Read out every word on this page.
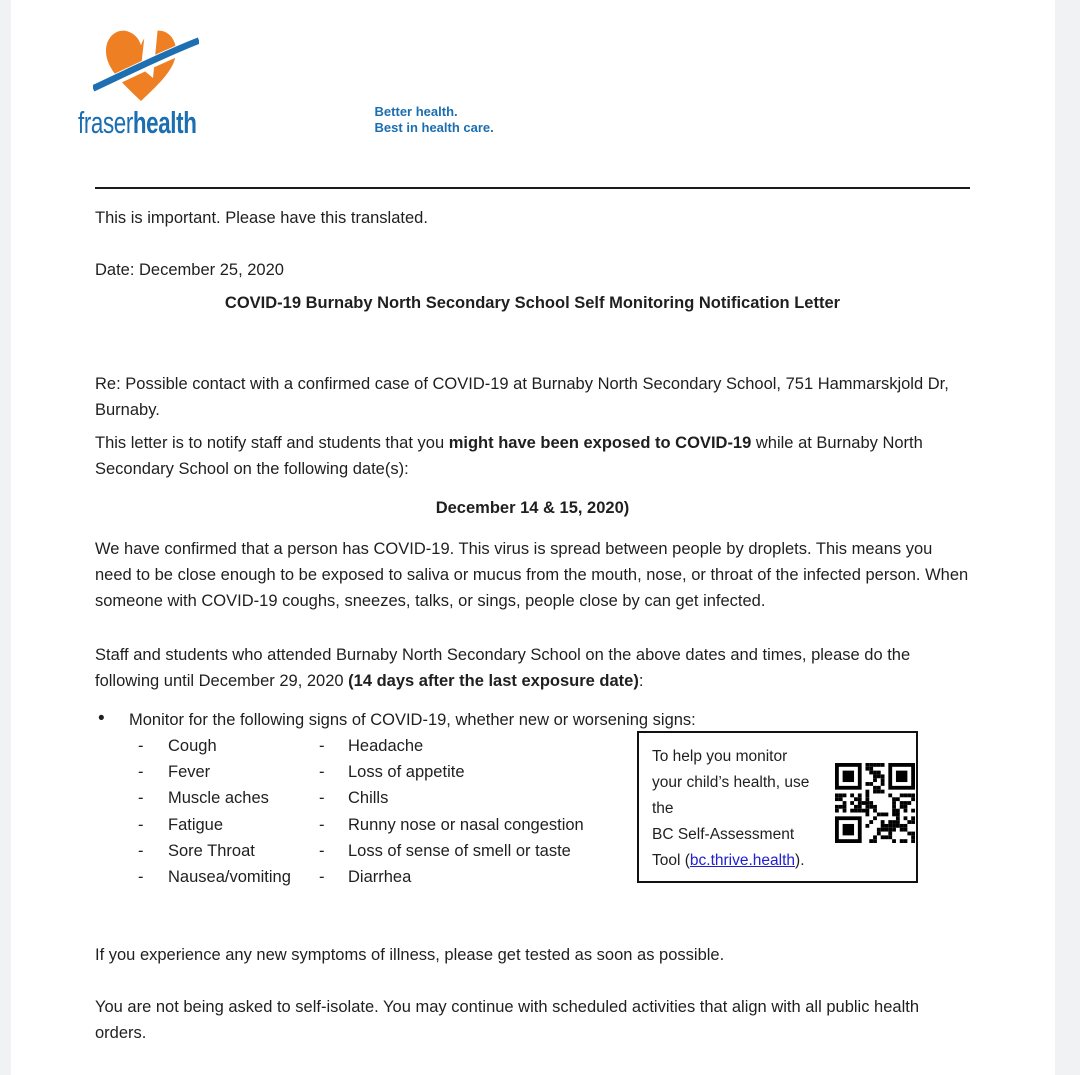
fraserhealth	Better health.
Best in health care.

This is important. Please have this translated.

Date: December 25, 2020

COVID-19 Burnaby North Secondary School Self Monitoring Notification Letter

Re: Possible contact with a confirmed case of COVID-19 at Burnaby North Secondary School, 751 Hammarskjold Dr, Burnaby.

This letter is to notify staff and students that you might have been exposed to COVID-19 while at Burnaby North Secondary School on the following date(s):

December 14 & 15, 2020)

We have confirmed that a person has COVID-19. This virus is spread between people by droplets. This means you need to be close enough to be exposed to saliva or mucus from the mouth, nose, or throat of the infected person. When someone with COVID-19 coughs, sneezes, talks, or sings, people close by can get infected.

Staff and students who attended Burnaby North Secondary School on the above dates and times, please do the following until December 29, 2020 (14 days after the last exposure date):

• Monitor for the following signs of COVID-19, whether new or worsening signs:
- Cough	- Headache
- Fever	- Loss of appetite
- Muscle aches	- Chills
- Fatigue	- Runny nose or nasal congestion
- Sore Throat	- Loss of sense of smell or taste
- Nausea/vomiting - Diarrhea
To help you monitor
your child’s health, use
the
BC Self-Assessment
Tool (bc.thrive.health).

If you experience any new symptoms of illness, please get tested as soon as possible.

You are not being asked to self-isolate. You may continue with scheduled activities that align with all public health orders.
